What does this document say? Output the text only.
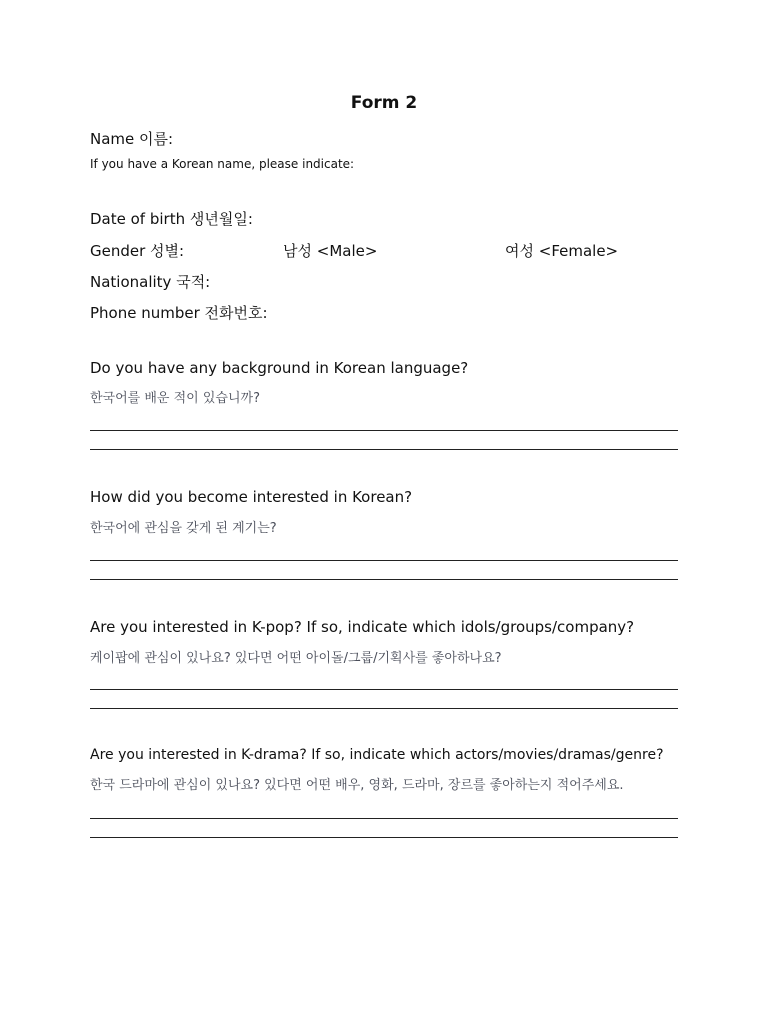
Form 2
Name 이름:
If you have a Korean name, please indicate:
Date of birth 생년월일:
Gender 성별:	남성 <Male>	여성 <Female>
Nationality 국적:
Phone number 전화번호:
Do you have any background in Korean language?
한국어를 배운 적이 있습니까?
How did you become interested in Korean?
한국어에 관심을 갖게 된 계기는?
Are you interested in K-pop? If so, indicate which idols/groups/company?
케이팝에 관심이 있나요? 있다면 어떤 아이돌/그룹/기획사를 좋아하나요?
Are you interested in K-drama? If so, indicate which actors/movies/dramas/genre?
한국 드라마에 관심이 있나요? 있다면 어떤 배우, 영화, 드라마, 장르를 좋아하는지 적어주세요.
